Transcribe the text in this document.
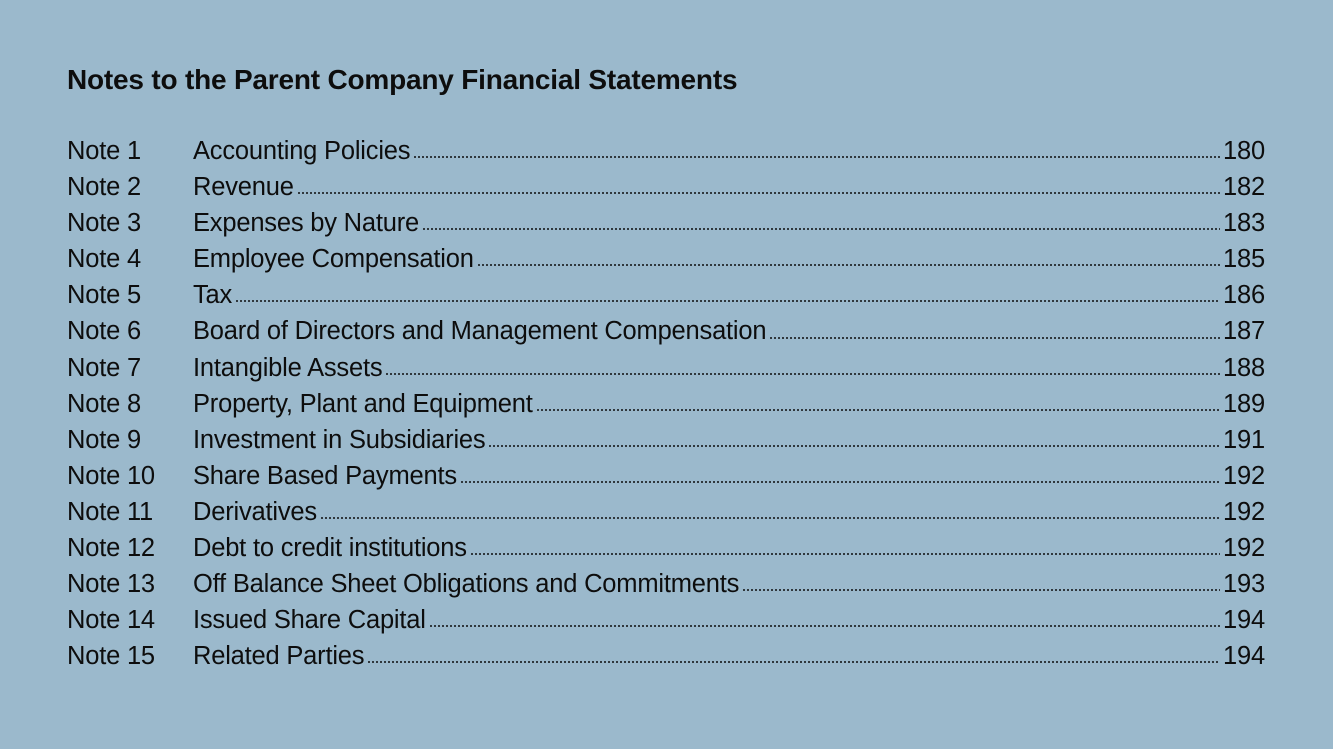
Notes to the Parent Company Financial Statements
Note 1	Accounting Policies	180
Note 2	Revenue	182
Note 3	Expenses by Nature	183
Note 4	Employee Compensation	185
Note 5	Tax	186
Note 6	Board of Directors and Management Compensation	187
Note 7	Intangible Assets	188
Note 8	Property, Plant and Equipment	189
Note 9	Investment in Subsidiaries	191
Note 10	Share Based Payments	192
Note 11	Derivatives	192
Note 12	Debt to credit institutions	192
Note 13	Off Balance Sheet Obligations and Commitments	193
Note 14	Issued Share Capital	194
Note 15	Related Parties	194
